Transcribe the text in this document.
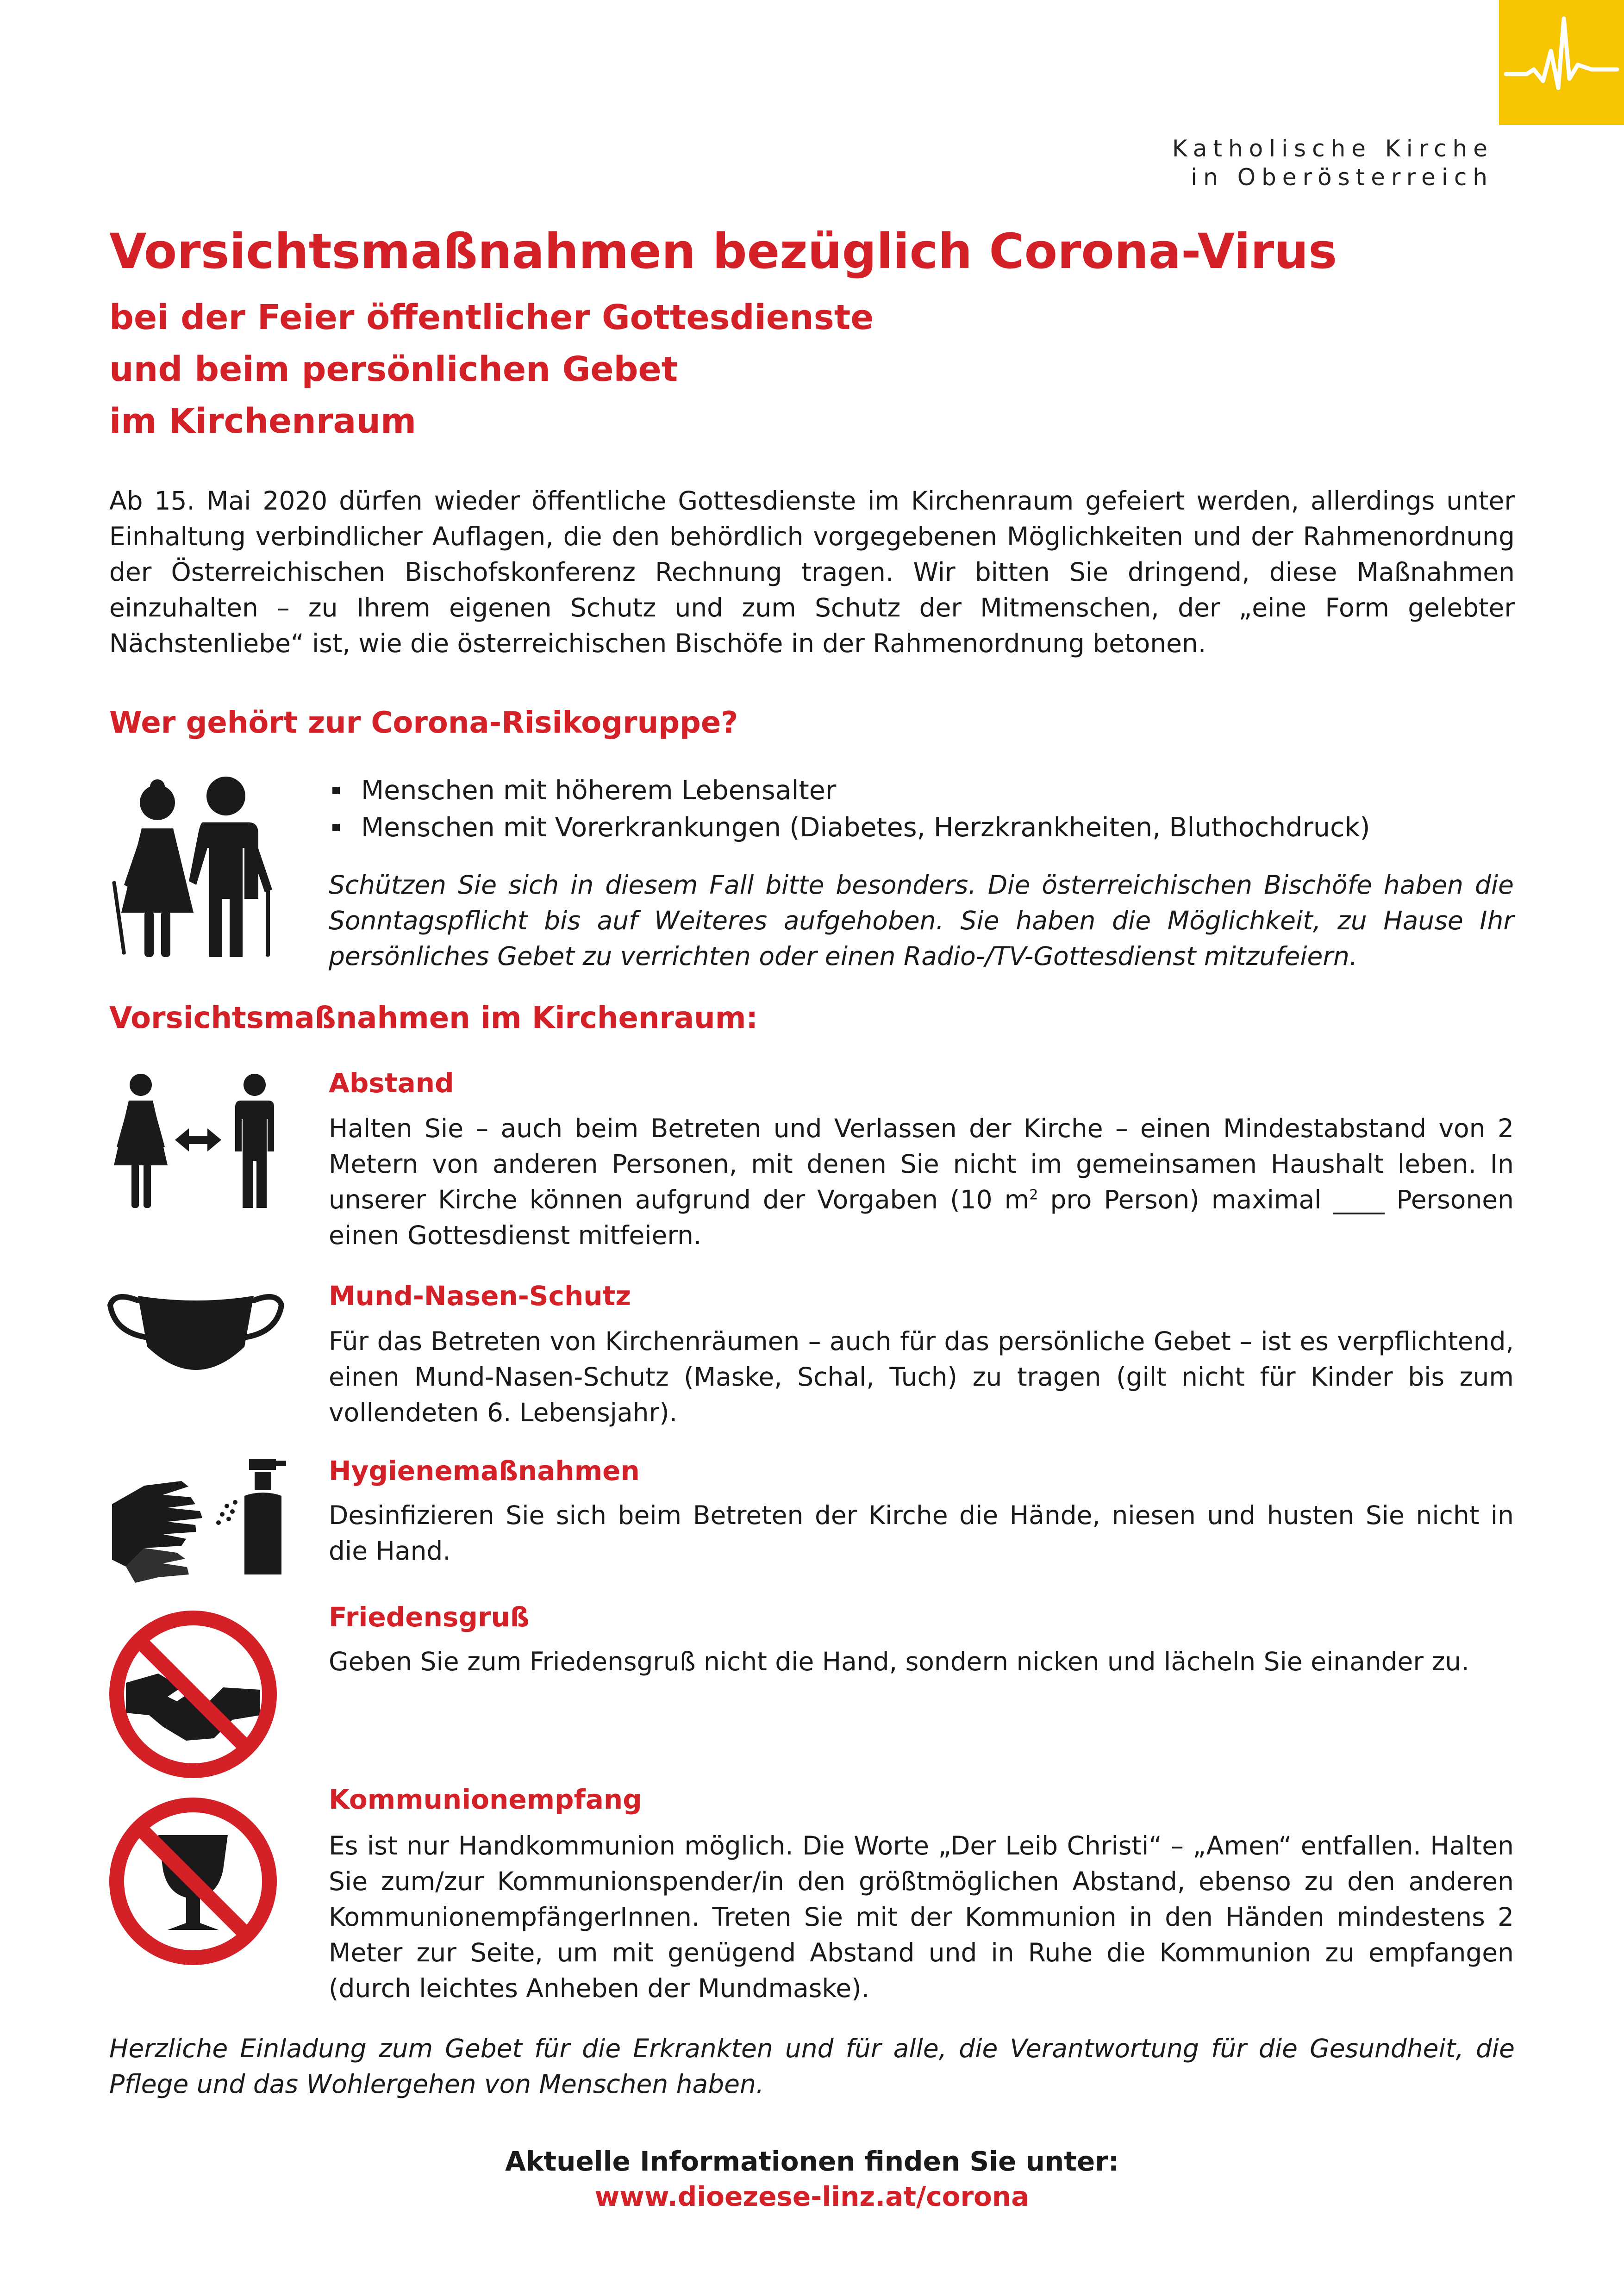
Katholische Kirche
in Oberösterreich
Vorsichtsmaßnahmen bezüglich Corona-Virus
bei der Feier öffentlicher Gottesdienste
und beim persönlichen Gebet
im Kirchenraum
Ab 15. Mai 2020 dürfen wieder öffentliche Gottesdienste im Kirchenraum gefeiert werden, allerdings unter Einhaltung verbindlicher Auflagen, die den behördlich vorgegebenen Möglichkeiten und der Rahmenordnung der Österreichischen Bischofskonferenz Rechnung tragen. Wir bitten Sie dringend, diese Maßnahmen einzuhalten – zu Ihrem eigenen Schutz und zum Schutz der Mitmenschen, der „eine Form gelebter Nächstenliebe“ ist, wie die österreichischen Bischöfe in der Rahmenordnung betonen.
Wer gehört zur Corona-Risikogruppe?
Menschen mit höherem Lebensalter
Menschen mit Vorerkrankungen (Diabetes, Herzkrankheiten, Bluthochdruck)
Schützen Sie sich in diesem Fall bitte besonders. Die österreichischen Bischöfe haben die Sonntagspflicht bis auf Weiteres aufgehoben. Sie haben die Möglichkeit, zu Hause Ihr persönliches Gebet zu verrichten oder einen Radio-/TV-Gottesdienst mitzufeiern.
Vorsichtsmaßnahmen im Kirchenraum:
Abstand
Halten Sie – auch beim Betreten und Verlassen der Kirche – einen Mindestabstand von 2 Metern von anderen Personen, mit denen Sie nicht im gemeinsamen Haushalt leben. In unserer Kirche können aufgrund der Vorgaben (10 $m^2$ pro Person) maximal ____ Personen einen Gottesdienst mitfeiern.
Mund-Nasen-Schutz
Für das Betreten von Kirchenräumen – auch für das persönliche Gebet – ist es verpflichtend, einen Mund-Nasen-Schutz (Maske, Schal, Tuch) zu tragen (gilt nicht für Kinder bis zum vollendeten 6. Lebensjahr).
Hygienemaßnahmen
Desinfizieren Sie sich beim Betreten der Kirche die Hände, niesen und husten Sie nicht in die Hand.
Friedensgruß
Geben Sie zum Friedensgruß nicht die Hand, sondern nicken und lächeln Sie einander zu.
Kommunionempfang
Es ist nur Handkommunion möglich. Die Worte „Der Leib Christi“ – „Amen“ entfallen. Halten Sie zum/zur Kommunionspender/in den größtmöglichen Abstand, ebenso zu den anderen KommunionempfängerInnen. Treten Sie mit der Kommunion in den Händen mindestens 2 Meter zur Seite, um mit genügend Abstand und in Ruhe die Kommunion zu empfangen (durch leichtes Anheben der Mundmaske).
Herzliche Einladung zum Gebet für die Erkrankten und für alle, die Verantwortung für die Gesundheit, die Pflege und das Wohlergehen von Menschen haben.
Aktuelle Informationen finden Sie unter:
www.dioezese-linz.at/corona
